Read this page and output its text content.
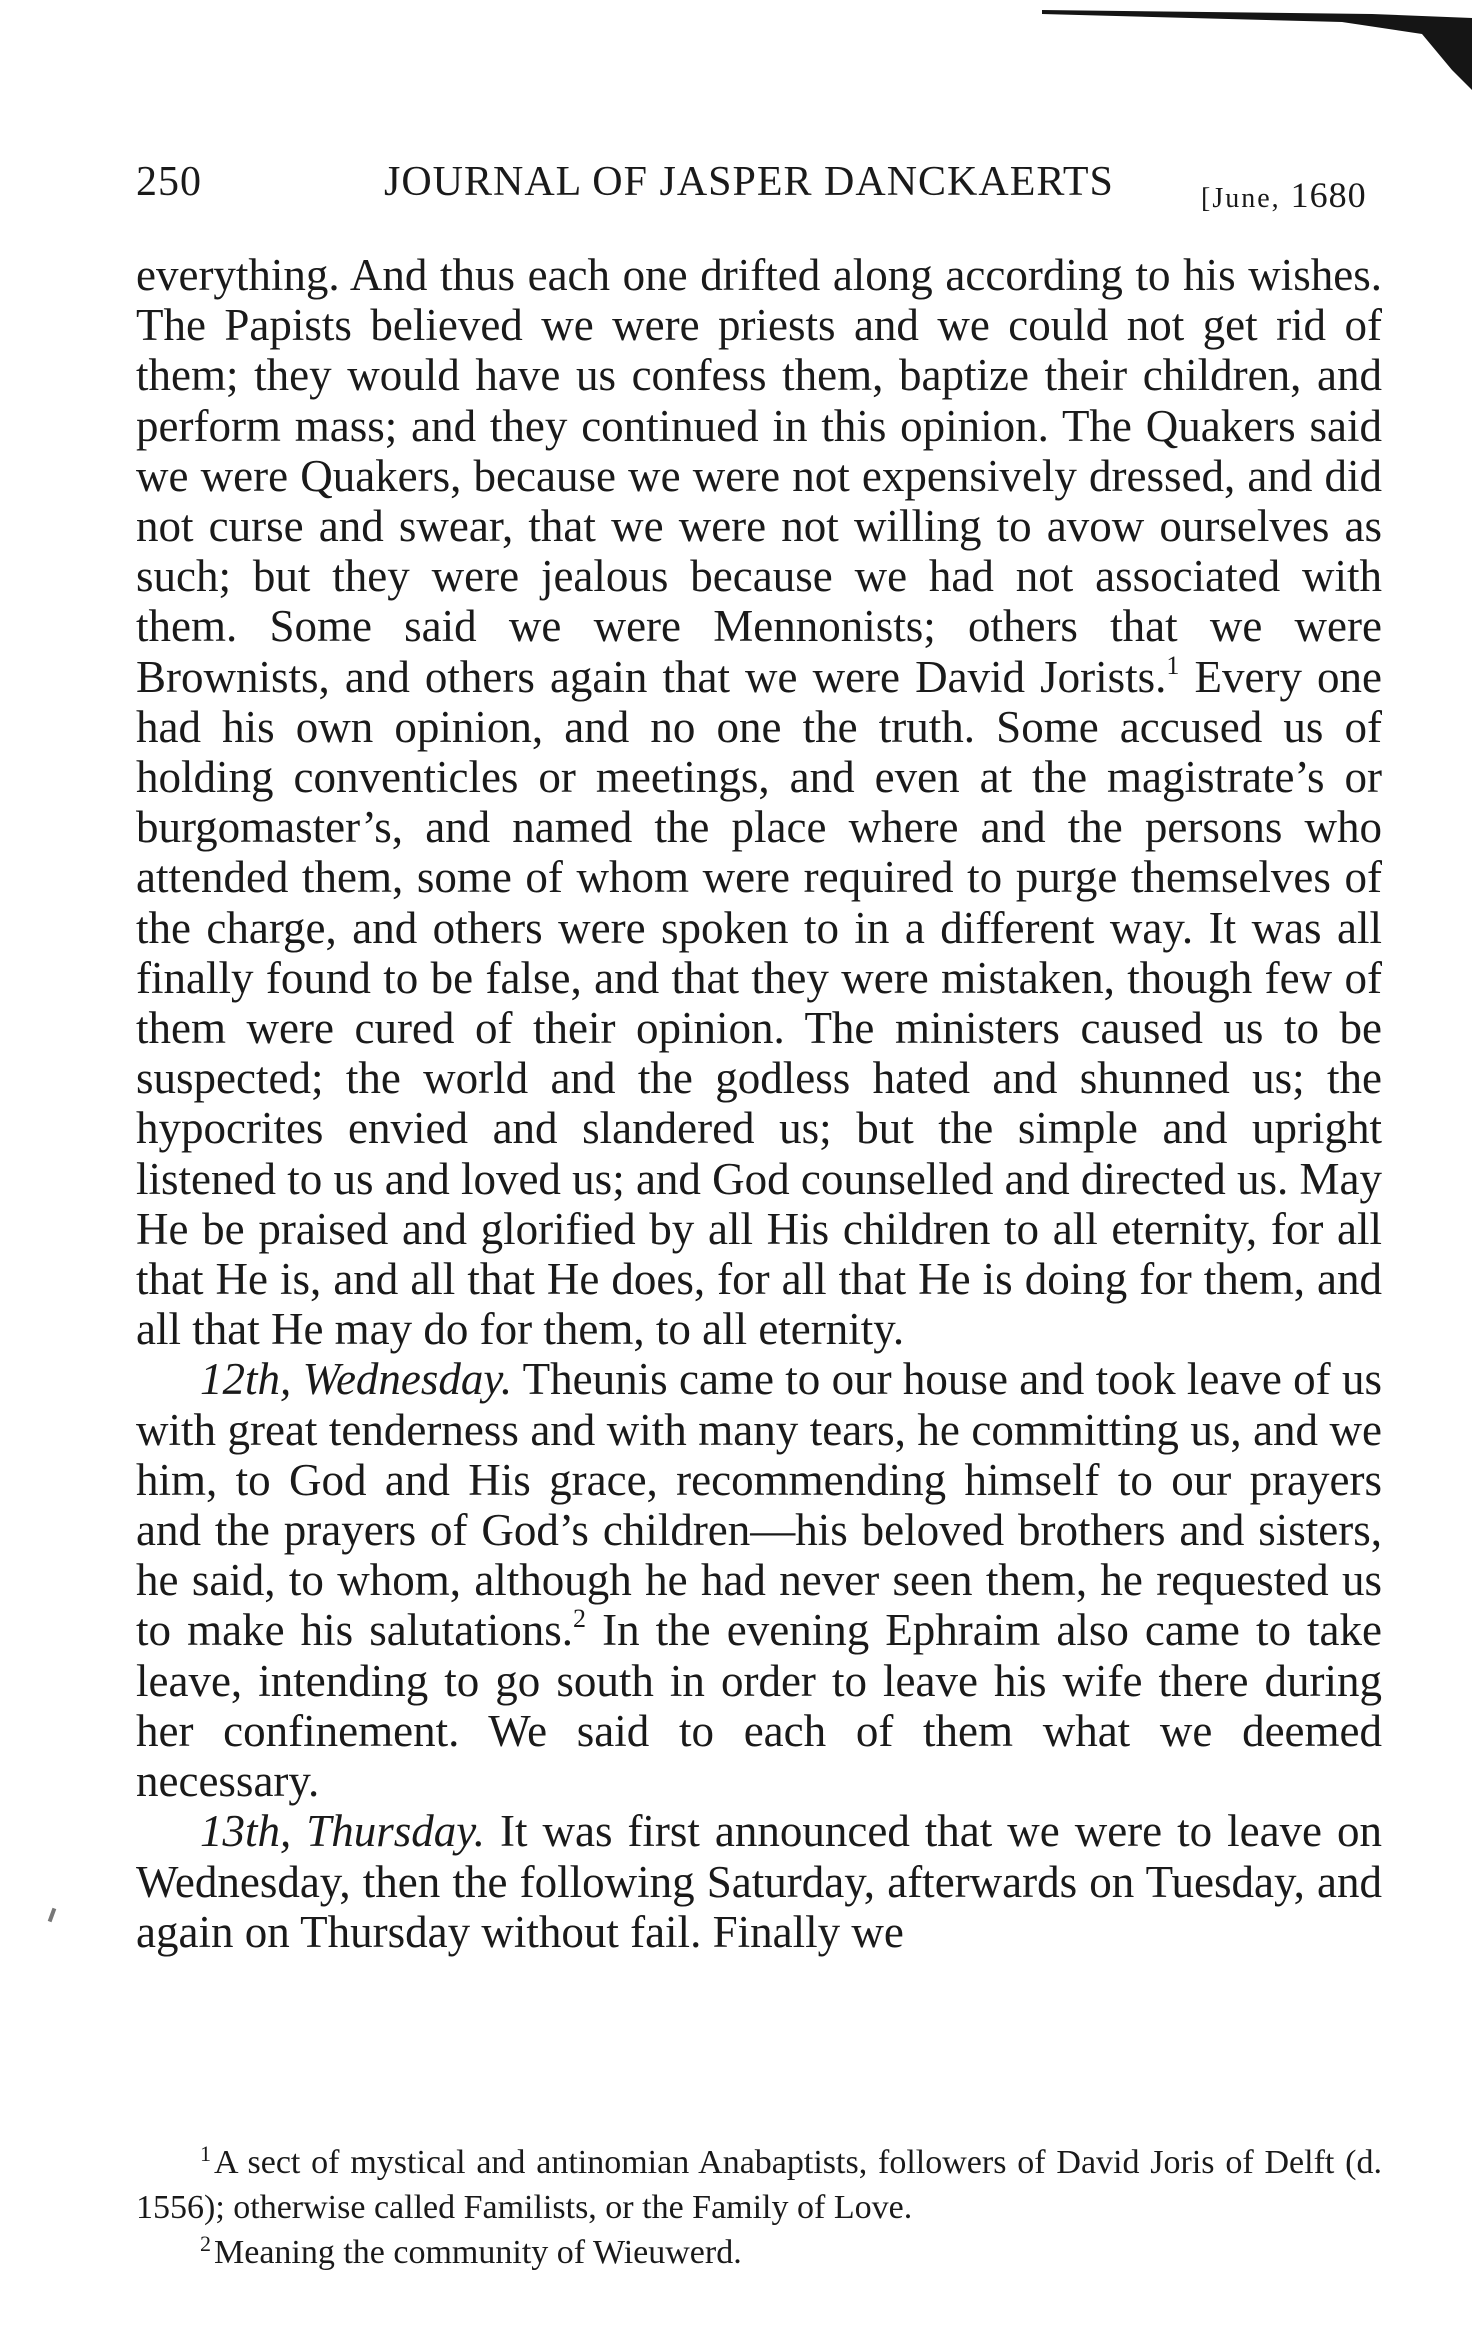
250	JOURNAL OF JASPER DANCKAERTS	[June, 1680

everything. And thus each one drifted along according to his wishes. The Papists believed we were priests and we could not get rid of them; they would have us confess them, baptize their children, and perform mass; and they continued in this opinion. The Quakers said we were Quakers, because we were not expensively dressed, and did not curse and swear, that we were not willing to avow ourselves as such; but they were jealous because we had not associated with them. Some said we were Mennonists; others that we were Brownists, and others again that we were David Jorists.$^1$ Every one had his own opinion, and no one the truth. Some accused us of holding conventicles or meetings, and even at the magistrate’s or burgomaster’s, and named the place where and the persons who attended them, some of whom were required to purge themselves of the charge, and others were spoken to in a different way. It was all finally found to be false, and that they were mistaken, though few of them were cured of their opinion. The ministers caused us to be suspected; the world and the godless hated and shunned us; the hypocrites envied and slandered us; but the simple and upright listened to us and loved us; and God counselled and directed us. May He be praised and glorified by all His children to all eternity, for all that He is, and all that He does, for all that He is doing for them, and all that He may do for them, to all eternity.

12th, Wednesday. Theunis came to our house and took leave of us with great tenderness and with many tears, he committing us, and we him, to God and His grace, recommending himself to our prayers and the prayers of God’s children—his beloved brothers and sisters, he said, to whom, although he had never seen them, he requested us to make his salutations.$^2$ In the evening Ephraim also came to take leave, intending to go south in order to leave his wife there during her confinement. We said to each of them what we deemed necessary.

13th, Thursday. It was first announced that we were to leave on Wednesday, then the following Saturday, afterwards on Tuesday, and again on Thursday without fail. Finally we

$^1$A sect of mystical and antinomian Anabaptists, followers of David Joris of Delft (d. 1556); otherwise called Familists, or the Family of Love.

$^2$Meaning the community of Wieuwerd.
